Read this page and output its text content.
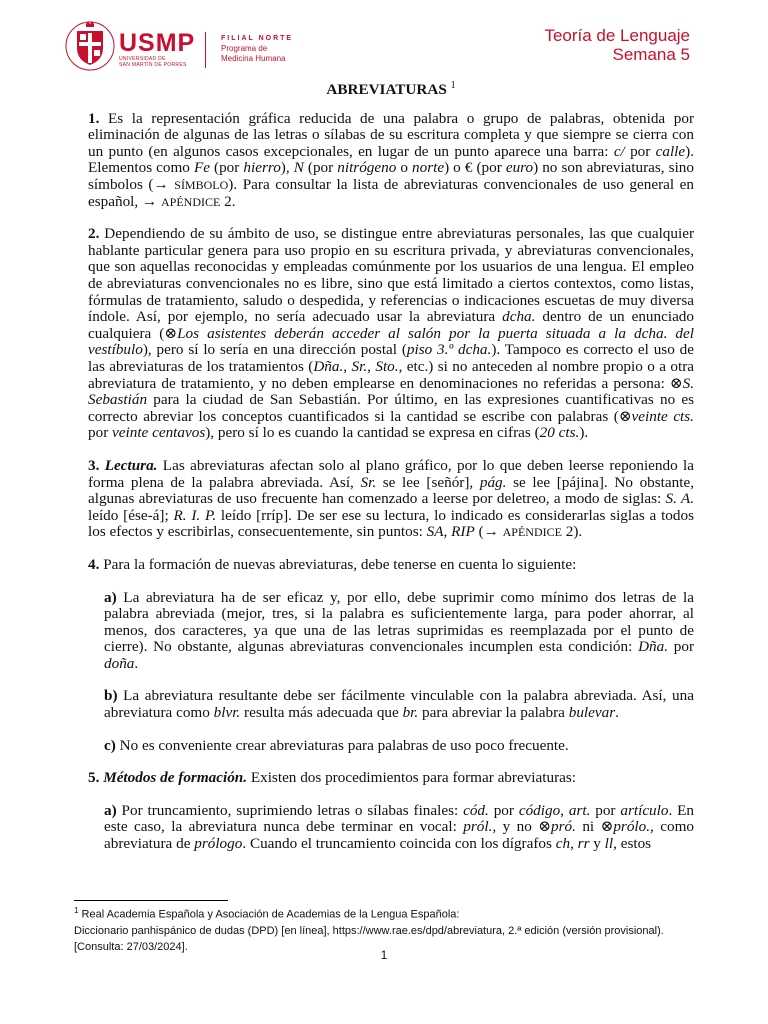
USMP
UNIVERSIDAD DE
SAN MARTÍN DE PORRES
FILIAL NORTE
Programa de
Medicina Humana
Teoría de Lenguaje
Semana 5
ABREVIATURAS $^1$

1. Es la representación gráfica reducida de una palabra o grupo de palabras, obtenida por eliminación de algunas de las letras o sílabas de su escritura completa y que siempre se cierra con un punto (en algunos casos excepcionales, en lugar de un punto aparece una barra: c/ por calle). Elementos como Fe (por hierro), N (por nitrógeno o norte) o € (por euro) no son abreviaturas, sino símbolos (→ SÍMBOLO). Para consultar la lista de abreviaturas convencionales de uso general en español, → APÉNDICE 2.

2. Dependiendo de su ámbito de uso, se distingue entre abreviaturas personales, las que cualquier hablante particular genera para uso propio en su escritura privada, y abreviaturas convencionales, que son aquellas reconocidas y empleadas comúnmente por los usuarios de una lengua. El empleo de abreviaturas convencionales no es libre, sino que está limitado a ciertos contextos, como listas, fórmulas de tratamiento, saludo o despedida, y referencias o indicaciones escuetas de muy diversa índole. Así, por ejemplo, no sería adecuado usar la abreviatura dcha. dentro de un enunciado cualquiera (⊗Los asistentes deberán acceder al salón por la puerta situada a la dcha. del vestíbulo), pero sí lo sería en una dirección postal (piso 3.º dcha.). Tampoco es correcto el uso de las abreviaturas de los tratamientos (Dña., Sr., Sto., etc.) si no anteceden al nombre propio o a otra abreviatura de tratamiento, y no deben emplearse en denominaciones no referidas a persona: ⊗S. Sebastián para la ciudad de San Sebastián. Por último, en las expresiones cuantificativas no es correcto abreviar los conceptos cuantificados si la cantidad se escribe con palabras (⊗veinte cts. por veinte centavos), pero sí lo es cuando la cantidad se expresa en cifras (20 cts.).

3. Lectura. Las abreviaturas afectan solo al plano gráfico, por lo que deben leerse reponiendo la forma plena de la palabra abreviada. Así, Sr. se lee [señór], pág. se lee [pájina]. No obstante, algunas abreviaturas de uso frecuente han comenzado a leerse por deletreo, a modo de siglas: S. A. leído [ése-á]; R. I. P. leído [rríp]. De ser ese su lectura, lo indicado es considerarlas siglas a todos los efectos y escribirlas, consecuentemente, sin puntos: SA, RIP (→ APÉNDICE 2).

4. Para la formación de nuevas abreviaturas, debe tenerse en cuenta lo siguiente:

a) La abreviatura ha de ser eficaz y, por ello, debe suprimir como mínimo dos letras de la palabra abreviada (mejor, tres, si la palabra es suficientemente larga, para poder ahorrar, al menos, dos caracteres, ya que una de las letras suprimidas es reemplazada por el punto de cierre). No obstante, algunas abreviaturas convencionales incumplen esta condición: Dña. por doña.

b) La abreviatura resultante debe ser fácilmente vinculable con la palabra abreviada. Así, una abreviatura como blvr. resulta más adecuada que br. para abreviar la palabra bulevar.

c) No es conveniente crear abreviaturas para palabras de uso poco frecuente.

5. Métodos de formación. Existen dos procedimientos para formar abreviaturas:

a) Por truncamiento, suprimiendo letras o sílabas finales: cód. por código, art. por artículo. En este caso, la abreviatura nunca debe terminar en vocal: pról., y no ⊗pró. ni ⊗prólo., como abreviatura de prólogo. Cuando el truncamiento coincida con los dígrafos ch, rr y ll, estos

$^1$ Real Academia Española y Asociación de Academias de la Lengua Española:
Diccionario panhispánico de dudas (DPD) [en línea], https://www.rae.es/dpd/abreviatura, 2.ª edición (versión provisional). [Consulta: 27/03/2024].
1
